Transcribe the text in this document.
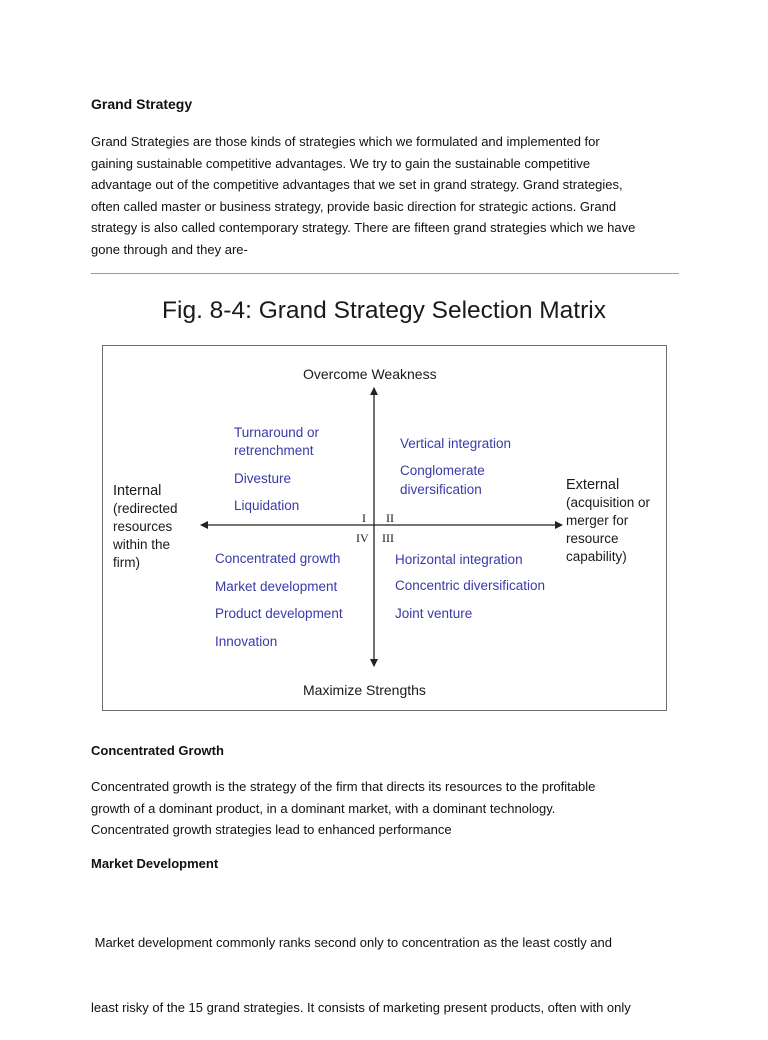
Grand Strategy
Grand Strategies are those kinds of strategies which we formulated and implemented for
gaining sustainable competitive advantages. We try to gain the sustainable competitive
advantage out of the competitive advantages that we set in grand strategy. Grand strategies,
often called master or business strategy, provide basic direction for strategic actions. Grand
strategy is also called contemporary strategy. There are fifteen grand strategies which we have
gone through and they are-
Fig. 8-4: Grand Strategy Selection Matrix
Overcome Weakness
Maximize Strengths
Internal
(redirected
resources
within the
firm)
External
(acquisition or
merger for
resource
capability)
I II
IV III
Turnaround or
retrenchment
Divesture
Liquidation
Vertical integration
Conglomerate
diversification
Concentrated growth
Market development
Product development
Innovation
Horizontal integration
Concentric diversification
Joint venture
Concentrated Growth
Concentrated growth is the strategy of the firm that directs its resources to the profitable
growth of a dominant product, in a dominant market, with a dominant technology.
Concentrated growth strategies lead to enhanced performance
Market Development

Market development commonly ranks second only to concentration as the least costly and

least risky of the 15 grand strategies. It consists of marketing present products, often with only
